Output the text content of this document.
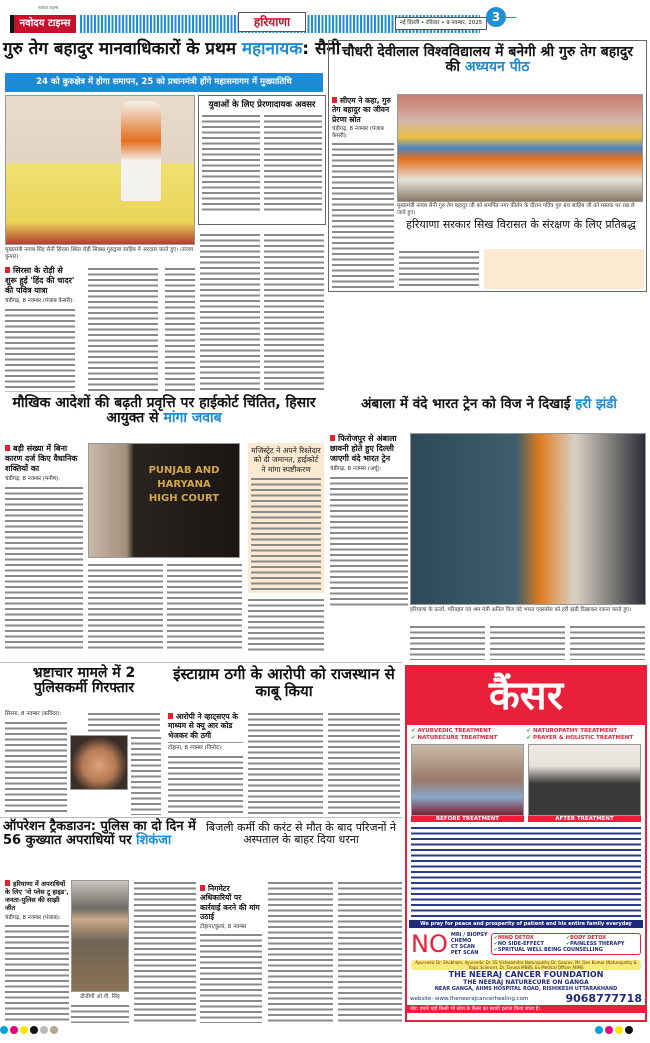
नवोदय टाइम्स
नवोदय टाइम्स	हरियाणा	नई दिल्ली • रविवार • 9 नवम्बर, 2025 3
गुरु तेग बहादुर मानवाधिकारों के प्रथम महानायक: सैनी
24 को कुरुक्षेत्र में होगा समापन, 25 को प्रधानमंत्री होंगे महासमागम में मुख्यातिथि
मुख्यमंत्री नायब सिंह सैनी सिरसा स्थित रोड़ी सिक्ख गुरुद्वारा साहिब में अरदास करते हुए। (संजय कुमार)
युवाओं के लिए प्रेरणादायक अवसर
सिरसा के रोड़ी से शुरू हुई 'हिंद की चादर' की पवित्र यात्रा
चंडीगढ़, 8 नवम्बर (पंजाब केसरी):
चौधरी देवीलाल विश्वविद्यालय में बनेगी श्री गुरु तेग बहादुर की अध्ययन पीठ
सीएम ने कहा, गुरु तेग बहादुर का जीवन प्रेरणा स्रोत
चंडीगढ़, 8 नवम्बर (पंजाब केसरी):
मुख्यमंत्री नायब सैनी गुरु तेग बहादुर जी को समर्पित नगर कीर्तन के दौरान पवित्र गुरु ग्रंथ साहिब जी को मस्तक पर रख ले जाते हुए।
हरियाणा सरकार सिख विरासत के संरक्षण के लिए प्रतिबद्ध
मौखिक आदेशों की बढ़ती प्रवृत्ति पर हाईकोर्ट चिंतित, हिसार आयुक्त से मांगा जवाब
बड़ी संख्या में बिना कारण दर्ज किए वैधानिक शक्तियों का
चंडीगढ़, 8 नवम्बर (मनीष):
PUNJAB AND HARYANA HIGH COURT
मजिस्ट्रेट ने अपने रिश्तेदार को दी जमानत, हाईकोर्ट ने मांगा स्पष्टीकरण
अंबाला में वंदे भारत ट्रेन को विज ने दिखाई हरी झंडी
फिरोजपुर से अंबाला छावनी होते हुए दिल्ली जाएगी वंदे भारत ट्रेन
चंडीगढ़, 8 नवम्बर (अर्चू):
हरियाणा के ऊर्जा, परिवहन एवं श्रम मंत्री अनिल विज वंदे भारत एक्सप्रेस को हरी झंडी दिखाकर रवाना करते हुए।
भ्रष्टाचार मामले में 2 पुलिसकर्मी गिरफ्तार
सिरसा, 8 नवम्बर (कविंदर):
इंस्टाग्राम ठगी के आरोपी को राजस्थान से काबू किया
आरोपी ने व्हाट्सएप के माध्यम से क्यू आर कोड भेजकर की ठगी
टोहाना, 8 नवम्बर (विनोद):
ऑपरेशन ट्रैकडाउन: पुलिस का दो दिन में 56 कुख्यात अपराधियों पर शिकंजा
हरियाणा में अपराधियों के लिए 'नो प्लेस टू हाइड', जनता-पुलिस की साझी जीत
चंडीगढ़, 8 नवम्बर (पंजाब):
डीजीपी ओ.पी. सिंह
बिजली कर्मी की करंट से मौत के बाद परिजनों ने अस्पताल के बाहर दिया धरना
निगमेटर अधिकारियों पर कार्रवाई करने की मांग उठाई
टोहाना/कुलां, 8 नवम्बर
कैंसर
✔ AYURVEDIC TREATMENT	✔ NATUROPATHY TREATMENT
✔ NATURECURE TREATMENT	✔ PRAYER & HOLISTIC TREATMENT
BEFORE TREATMENT	AFTER TREATMENT
We pray for peace and prosperity of patient and his entire family everyday
NO MRI / BIOPSY
CHEMO
CT SCAN
PET SCAN
✔MIND DETOX	✔BODY DETOX
✔NO SIDE-EFFECT	✔PAINLESS THERAPY
✔SPRITUAL WELL BEING COUNSELLING
Ayurvedic Dr. Shubham, Ayurvedic Dr. SS Vishwamitra Naturopathy Dr. Gaurav, Mr. Dev Kumar (Naturopathy & Yogic Science), Dr. Taruna MBBS, Ex Medical Officer AIIMS
THE NEERAJ CANCER FOUNDATION
THE NEERAJ NATURECURE ON GANGA
NEAR GANGA, AIIMS HOSPITAL ROAD, RISHIKESH UTTARAKHAND
website: www.theneerajcancerhealing.com	9068777718
नोट: हमारे यहाँ किसी भी स्टेज के कैंसर का स्थायी इलाज किया जाता है।
